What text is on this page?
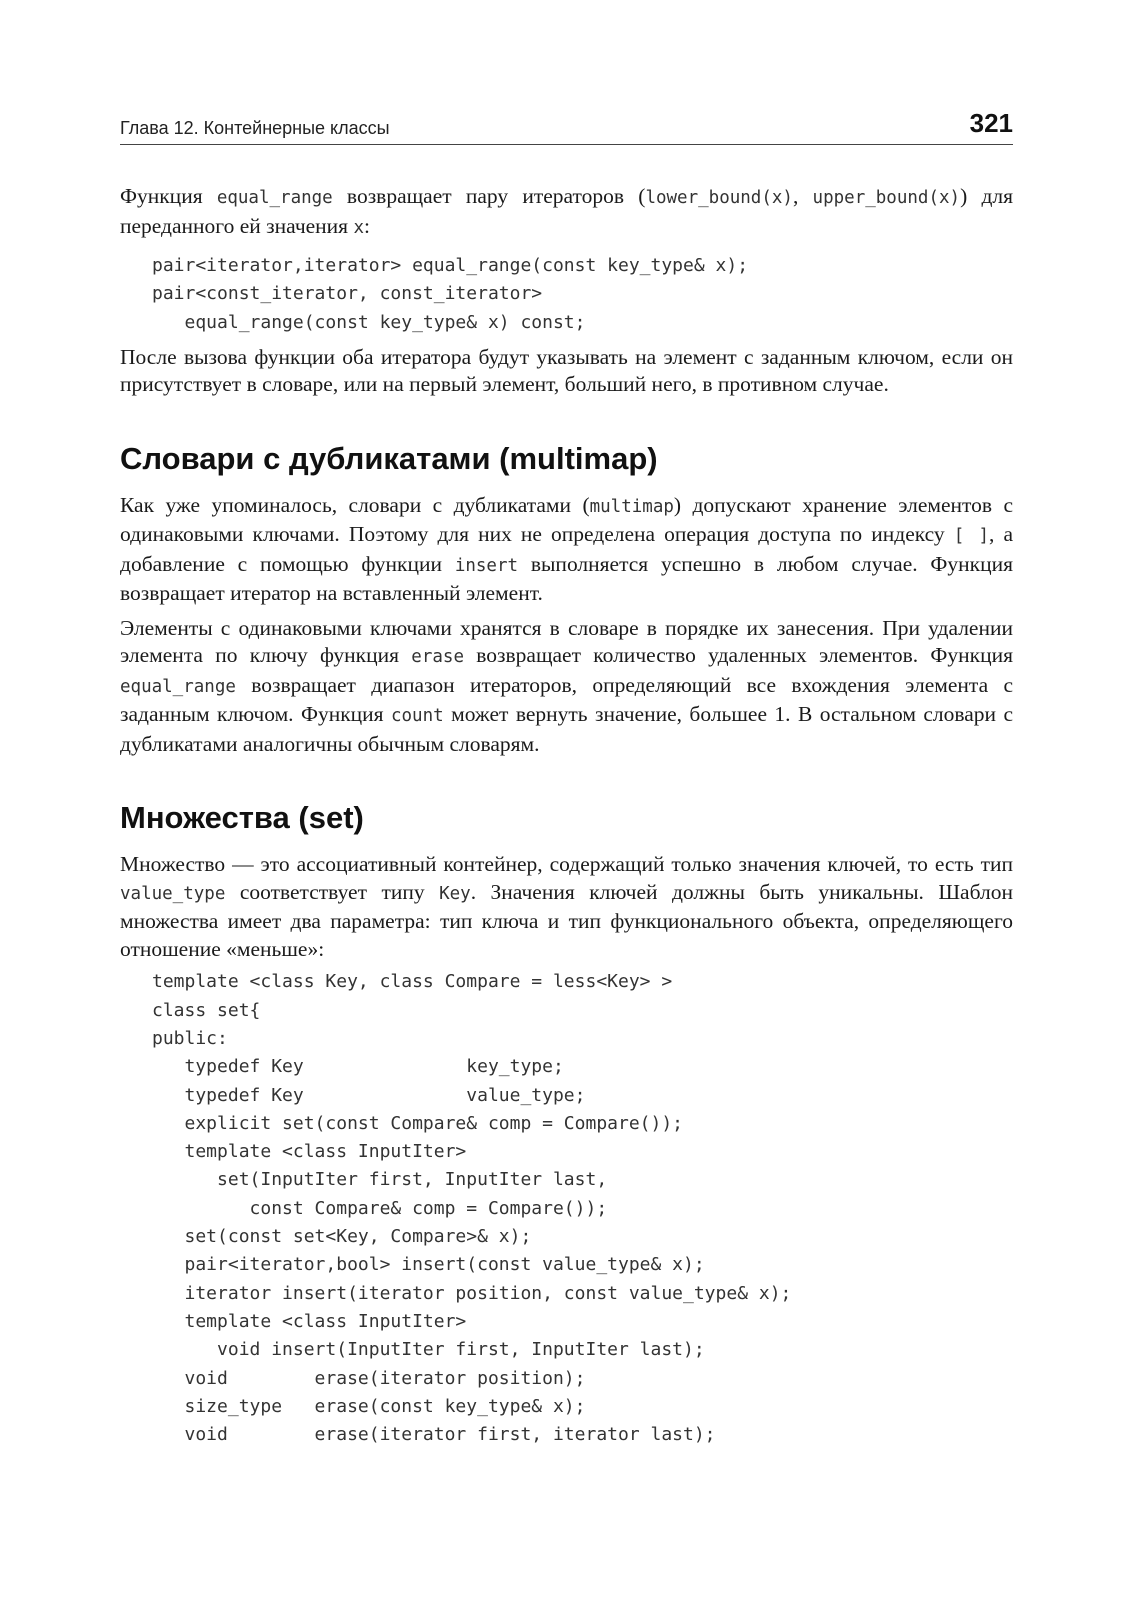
Глава 12. Контейнерные классы	321

Функция equal_range возвращает пару итераторов (lower_bound(x), upper_bound(x)) для переданного ей значения x:

pair<iterator,iterator> equal_range(const key_type& x);
pair<const_iterator, const_iterator>
equal_range(const key_type& x) const;

После вызова функции оба итератора будут указывать на элемент с заданным ключом, если он присутствует в словаре, или на первый элемент, больший него, в противном случае.

Словари с дубликатами (multimap)

Как уже упоминалось, словари с дубликатами (multimap) допускают хранение элементов с одинаковыми ключами. Поэтому для них не определена операция доступа по индексу [ ], а добавление с помощью функции insert выполняется успешно в любом случае. Функция возвращает итератор на вставленный элемент.

Элементы с одинаковыми ключами хранятся в словаре в порядке их занесения. При удалении элемента по ключу функция erase возвращает количество удаленных элементов. Функция equal_range возвращает диапазон итераторов, определяющий все вхождения элемента с заданным ключом. Функция count может вернуть значение, большее 1. В остальном словари с дубликатами аналогичны обычным словарям.

Множества (set)

Множество — это ассоциативный контейнер, содержащий только значения ключей, то есть тип value_type соответствует типу Key. Значения ключей должны быть уникальны. Шаблон множества имеет два параметра: тип ключа и тип функционального объекта, определяющего отношение «меньше»:

template <class Key, class Compare = less<Key> >
class set{
public:
typedef Key               key_type;
typedef Key               value_type;
explicit set(const Compare& comp = Compare());
template <class InputIter>
set(InputIter first, InputIter last,
const Compare& comp = Compare());
set(const set<Key, Compare>& x);
pair<iterator,bool> insert(const value_type& x);
iterator insert(iterator position, const value_type& x);
template <class InputIter>
void insert(InputIter first, InputIter last);
void        erase(iterator position);
size_type   erase(const key_type& x);
void        erase(iterator first, iterator last);
